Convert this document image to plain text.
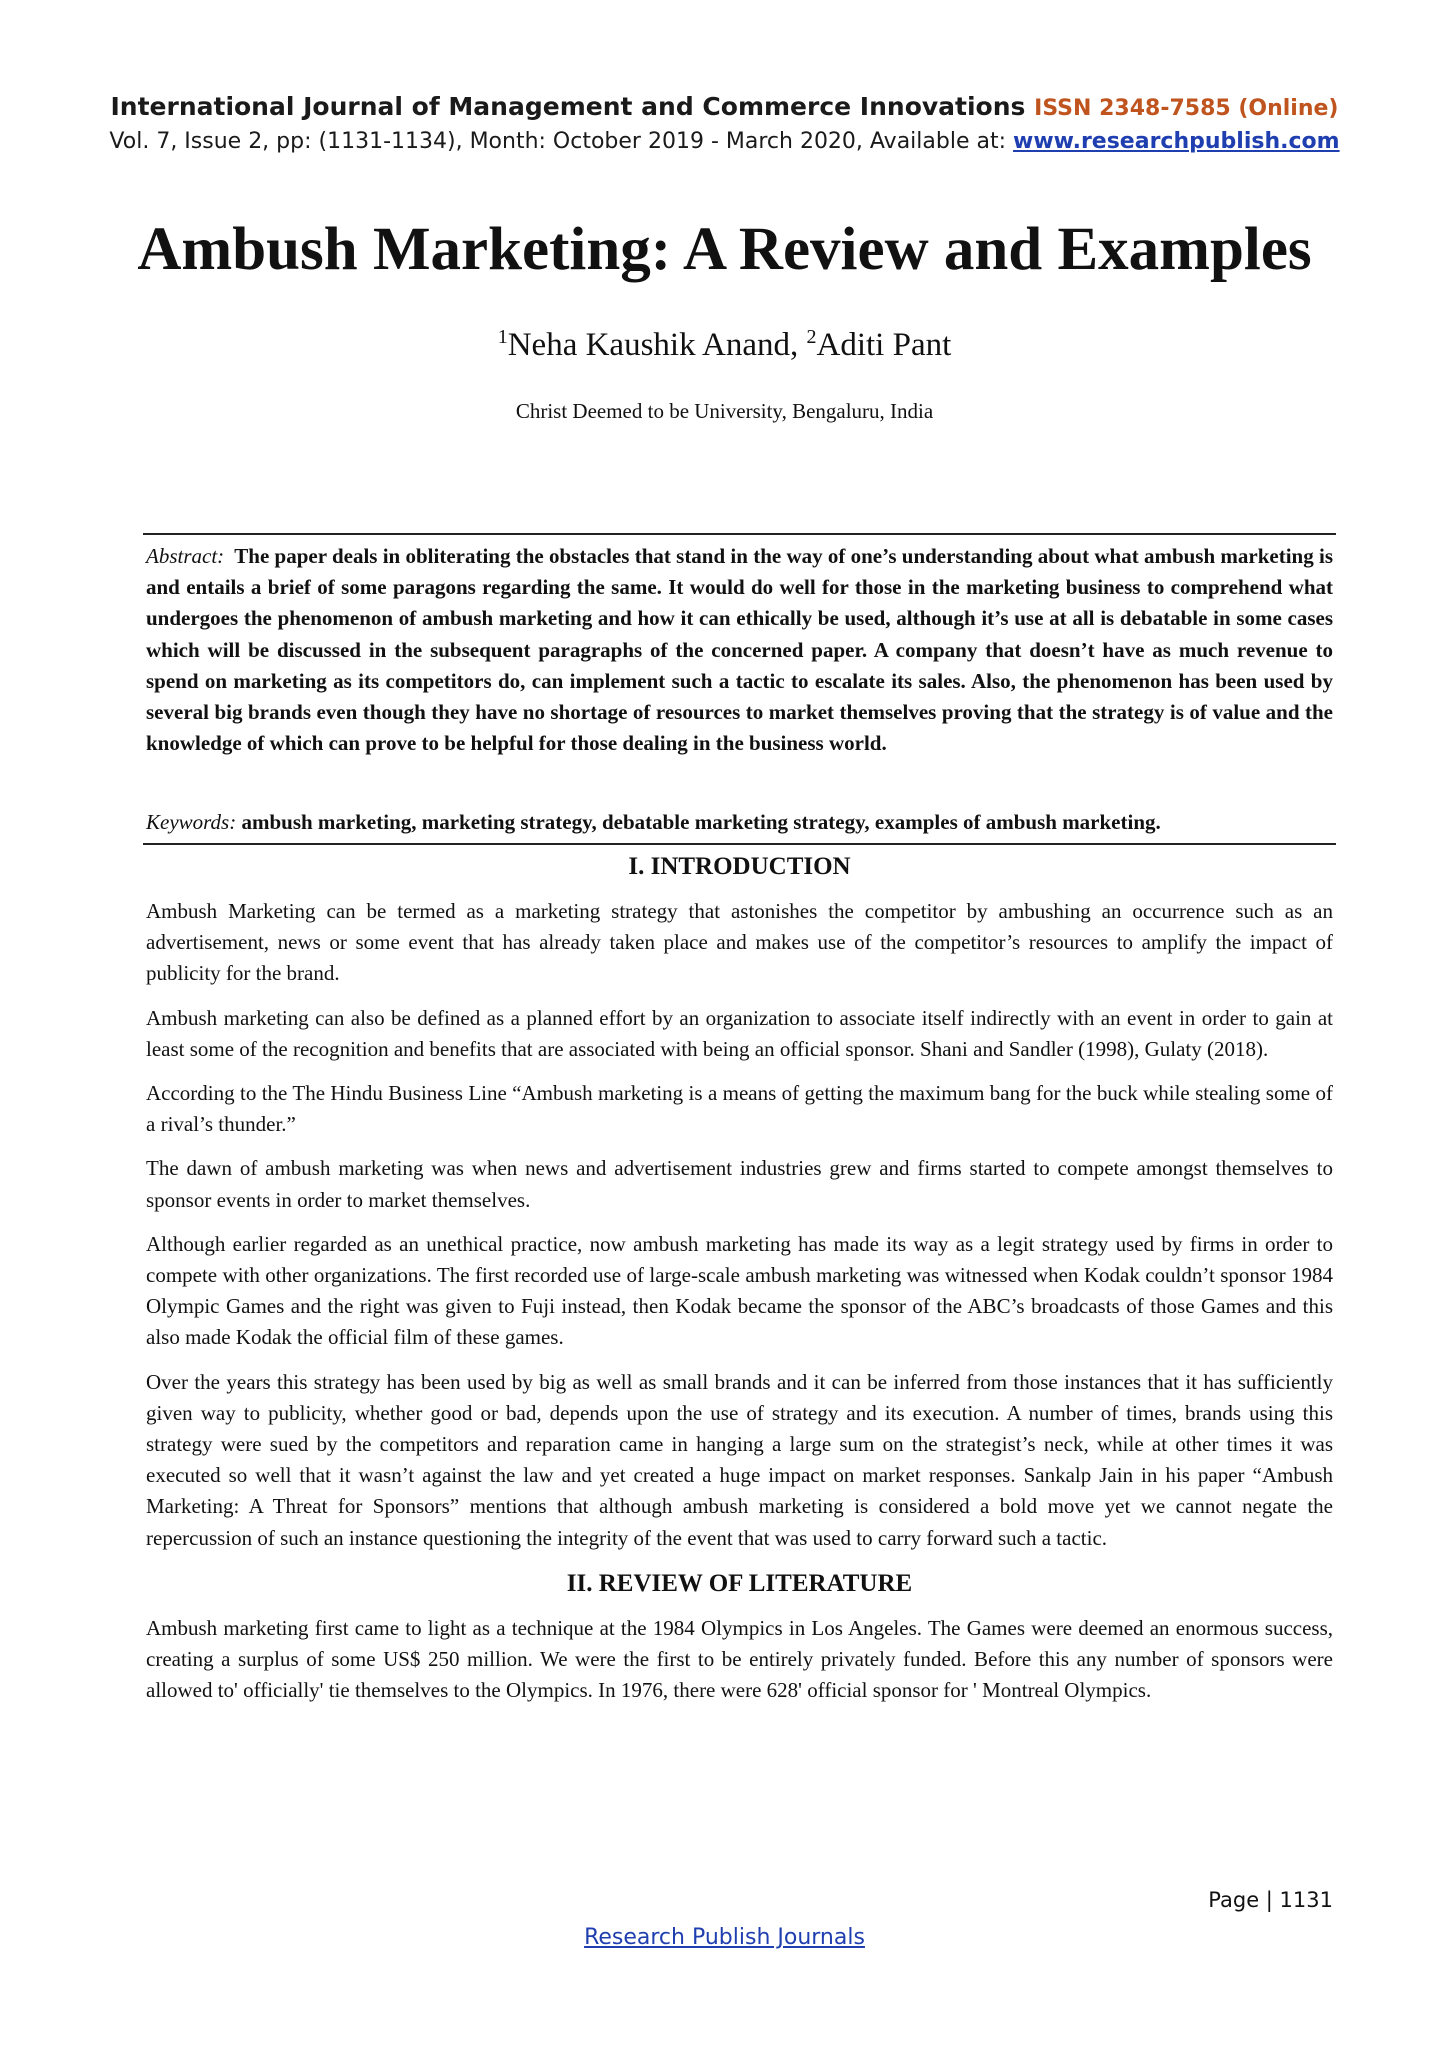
International Journal of Management and Commerce Innovations ISSN 2348-7585 (Online)
Vol. 7, Issue 2, pp: (1131-1134), Month: October 2019 - March 2020, Available at: www.researchpublish.com
Ambush Marketing: A Review and Examples
$^1$Neha Kaushik Anand, $^2$Aditi Pant
Christ Deemed to be University, Bengaluru, India
Abstract: The paper deals in obliterating the obstacles that stand in the way of one’s understanding about what ambush marketing is and entails a brief of some paragons regarding the same. It would do well for those in the marketing business to comprehend what undergoes the phenomenon of ambush marketing and how it can ethically be used, although it’s use at all is debatable in some cases which will be discussed in the subsequent paragraphs of the concerned paper. A company that doesn’t have as much revenue to spend on marketing as its competitors do, can implement such a tactic to escalate its sales. Also, the phenomenon has been used by several big brands even though they have no shortage of resources to market themselves proving that the strategy is of value and the knowledge of which can prove to be helpful for those dealing in the business world.
Keywords: ambush marketing, marketing strategy, debatable marketing strategy, examples of ambush marketing.
I. INTRODUCTION

Ambush Marketing can be termed as a marketing strategy that astonishes the competitor by ambushing an occurrence such as an advertisement, news or some event that has already taken place and makes use of the competitor’s resources to amplify the impact of publicity for the brand.

Ambush marketing can also be defined as a planned effort by an organization to associate itself indirectly with an event in order to gain at least some of the recognition and benefits that are associated with being an official sponsor. Shani and Sandler (1998), Gulaty (2018).

According to the The Hindu Business Line “Ambush marketing is a means of getting the maximum bang for the buck while stealing some of a rival’s thunder.”

The dawn of ambush marketing was when news and advertisement industries grew and firms started to compete amongst themselves to sponsor events in order to market themselves.

Although earlier regarded as an unethical practice, now ambush marketing has made its way as a legit strategy used by firms in order to compete with other organizations. The first recorded use of large-scale ambush marketing was witnessed when Kodak couldn’t sponsor 1984 Olympic Games and the right was given to Fuji instead, then Kodak became the sponsor of the ABC’s broadcasts of those Games and this also made Kodak the official film of these games.

Over the years this strategy has been used by big as well as small brands and it can be inferred from those instances that it has sufficiently given way to publicity, whether good or bad, depends upon the use of strategy and its execution. A number of times, brands using this strategy were sued by the competitors and reparation came in hanging a large sum on the strategist’s neck, while at other times it was executed so well that it wasn’t against the law and yet created a huge impact on market responses. Sankalp Jain in his paper “Ambush Marketing: A Threat for Sponsors” mentions that although ambush marketing is considered a bold move yet we cannot negate the repercussion of such an instance questioning the integrity of the event that was used to carry forward such a tactic.

II. REVIEW OF LITERATURE

Ambush marketing first came to light as a technique at the 1984 Olympics in Los Angeles. The Games were deemed an enormous success, creating a surplus of some US$ 250 million. We were the first to be entirely privately funded. Before this any number of sponsors were allowed to' officially' tie themselves to the Olympics. In 1976, there were 628' official sponsor for ' Montreal Olympics.

Page | 1131
Research Publish Journals
